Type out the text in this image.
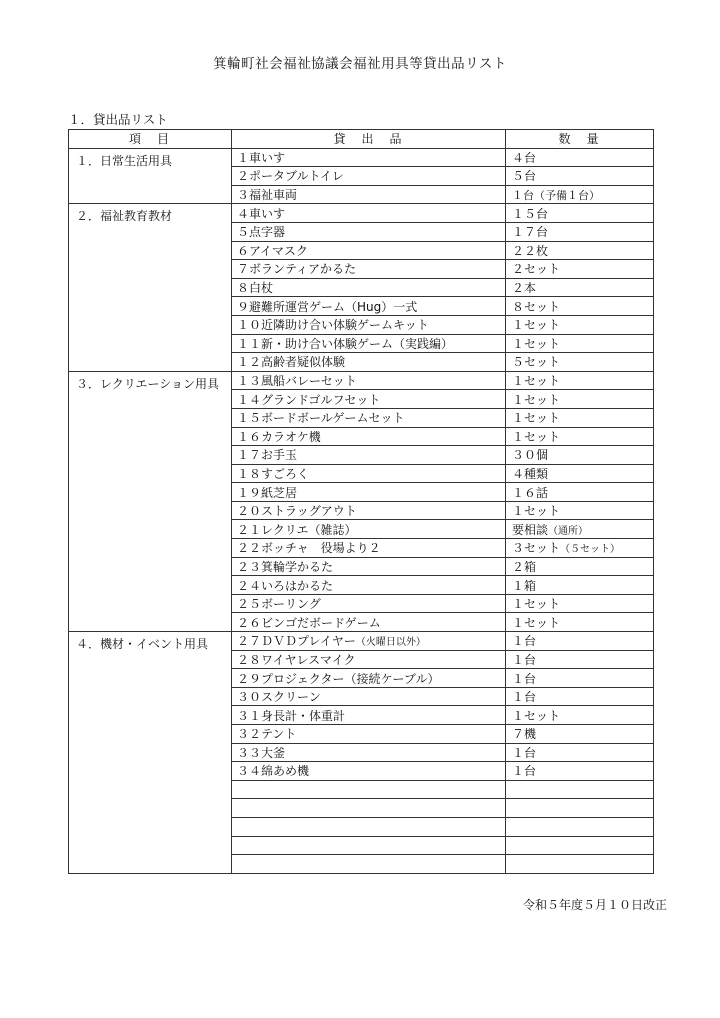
箕輪町社会福祉協議会福祉用具等貸出品リスト
１．貸出品リスト
項　目	貸　出　品	数　量
１．日常生活用具	１車いす	４台
	２ポータブルトイレ	５台
	３福祉車両	１台（予備１台）
２．福祉教育教材	４車いす	１５台
	５点字器	１７台
	６アイマスク	２２枚
	７ボランティアかるた	２セット
	８白杖	２本
	９避難所運営ゲーム（Hug）一式	８セット
	１０近隣助け合い体験ゲームキット	１セット
	１１新・助け合い体験ゲーム（実践編）	１セット
	１２高齢者疑似体験	５セット
３．レクリエーション用具	１３風船バレーセット	１セット
	１４グランドゴルフセット	１セット
	１５ボードボールゲームセット	１セット
	１６カラオケ機	１セット
	１７お手玉	３０個
	１８すごろく	４種類
	１９紙芝居	１６話
	２０ストラッグアウト	１セット
	２１レクリエ（雑誌）	要相談（通所）
	２２ボッチャ　役場より２	３セット（５セット）
	２３箕輪学かるた	２箱
	２４いろはかるた	１箱
	２５ボーリング	１セット
	２６ビンゴだボードゲーム	１セット
４．機材・イベント用具	２７ＤＶＤプレイヤー（火曜日以外）	１台
	２８ワイヤレスマイク	１台
	２９プロジェクター（接続ケーブル）	１台
	３０スクリーン	１台
	３１身長計・体重計	１セット
	３２テント	７機
	３３大釜	１台
	３４綿あめ機	１台

令和５年度５月１０日改正
